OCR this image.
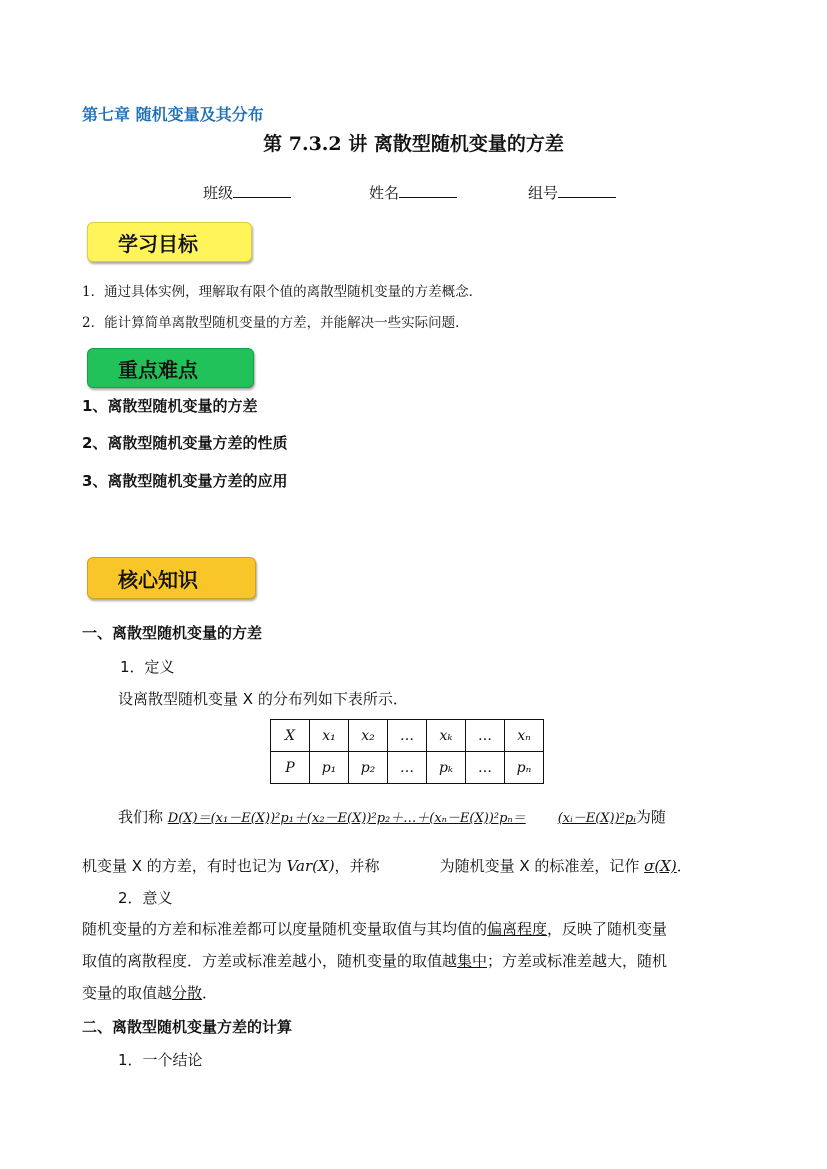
第七章 随机变量及其分布
第 7.3.2 讲 离散型随机变量的方差
班级	姓名	组号
学习目标
1．通过具体实例，理解取有限个值的离散型随机变量的方差概念．
2．能计算简单离散型随机变量的方差，并能解决一些实际问题．
重点难点
1、离散型随机变量的方差
2、离散型随机变量方差的性质
3、离散型随机变量方差的应用
核心知识
一、离散型随机变量的方差
1．定义
设离散型随机变量 X 的分布列如下表所示．
X	x₁	x₂	…	xₖ	…	xₙ
P	p₁	p₂	…	pₖ	…	pₙ
我们称 D(X)＝(x₁－E(X))²p₁＋(x₂－E(X))²p₂＋…＋(xₙ－E(X))²pₙ＝ (xᵢ－E(X))²pᵢ为随
机变量 X 的方差，有时也记为 Var(X)，并称	为随机变量 X 的标准差，记作 σ(X)．
2．意义
随机变量的方差和标准差都可以度量随机变量取值与其均值的偏离程度，反映了随机变量
取值的离散程度．方差或标准差越小，随机变量的取值越集中；方差或标准差越大，随机
变量的取值越分散．
二、离散型随机变量方差的计算
1．一个结论
